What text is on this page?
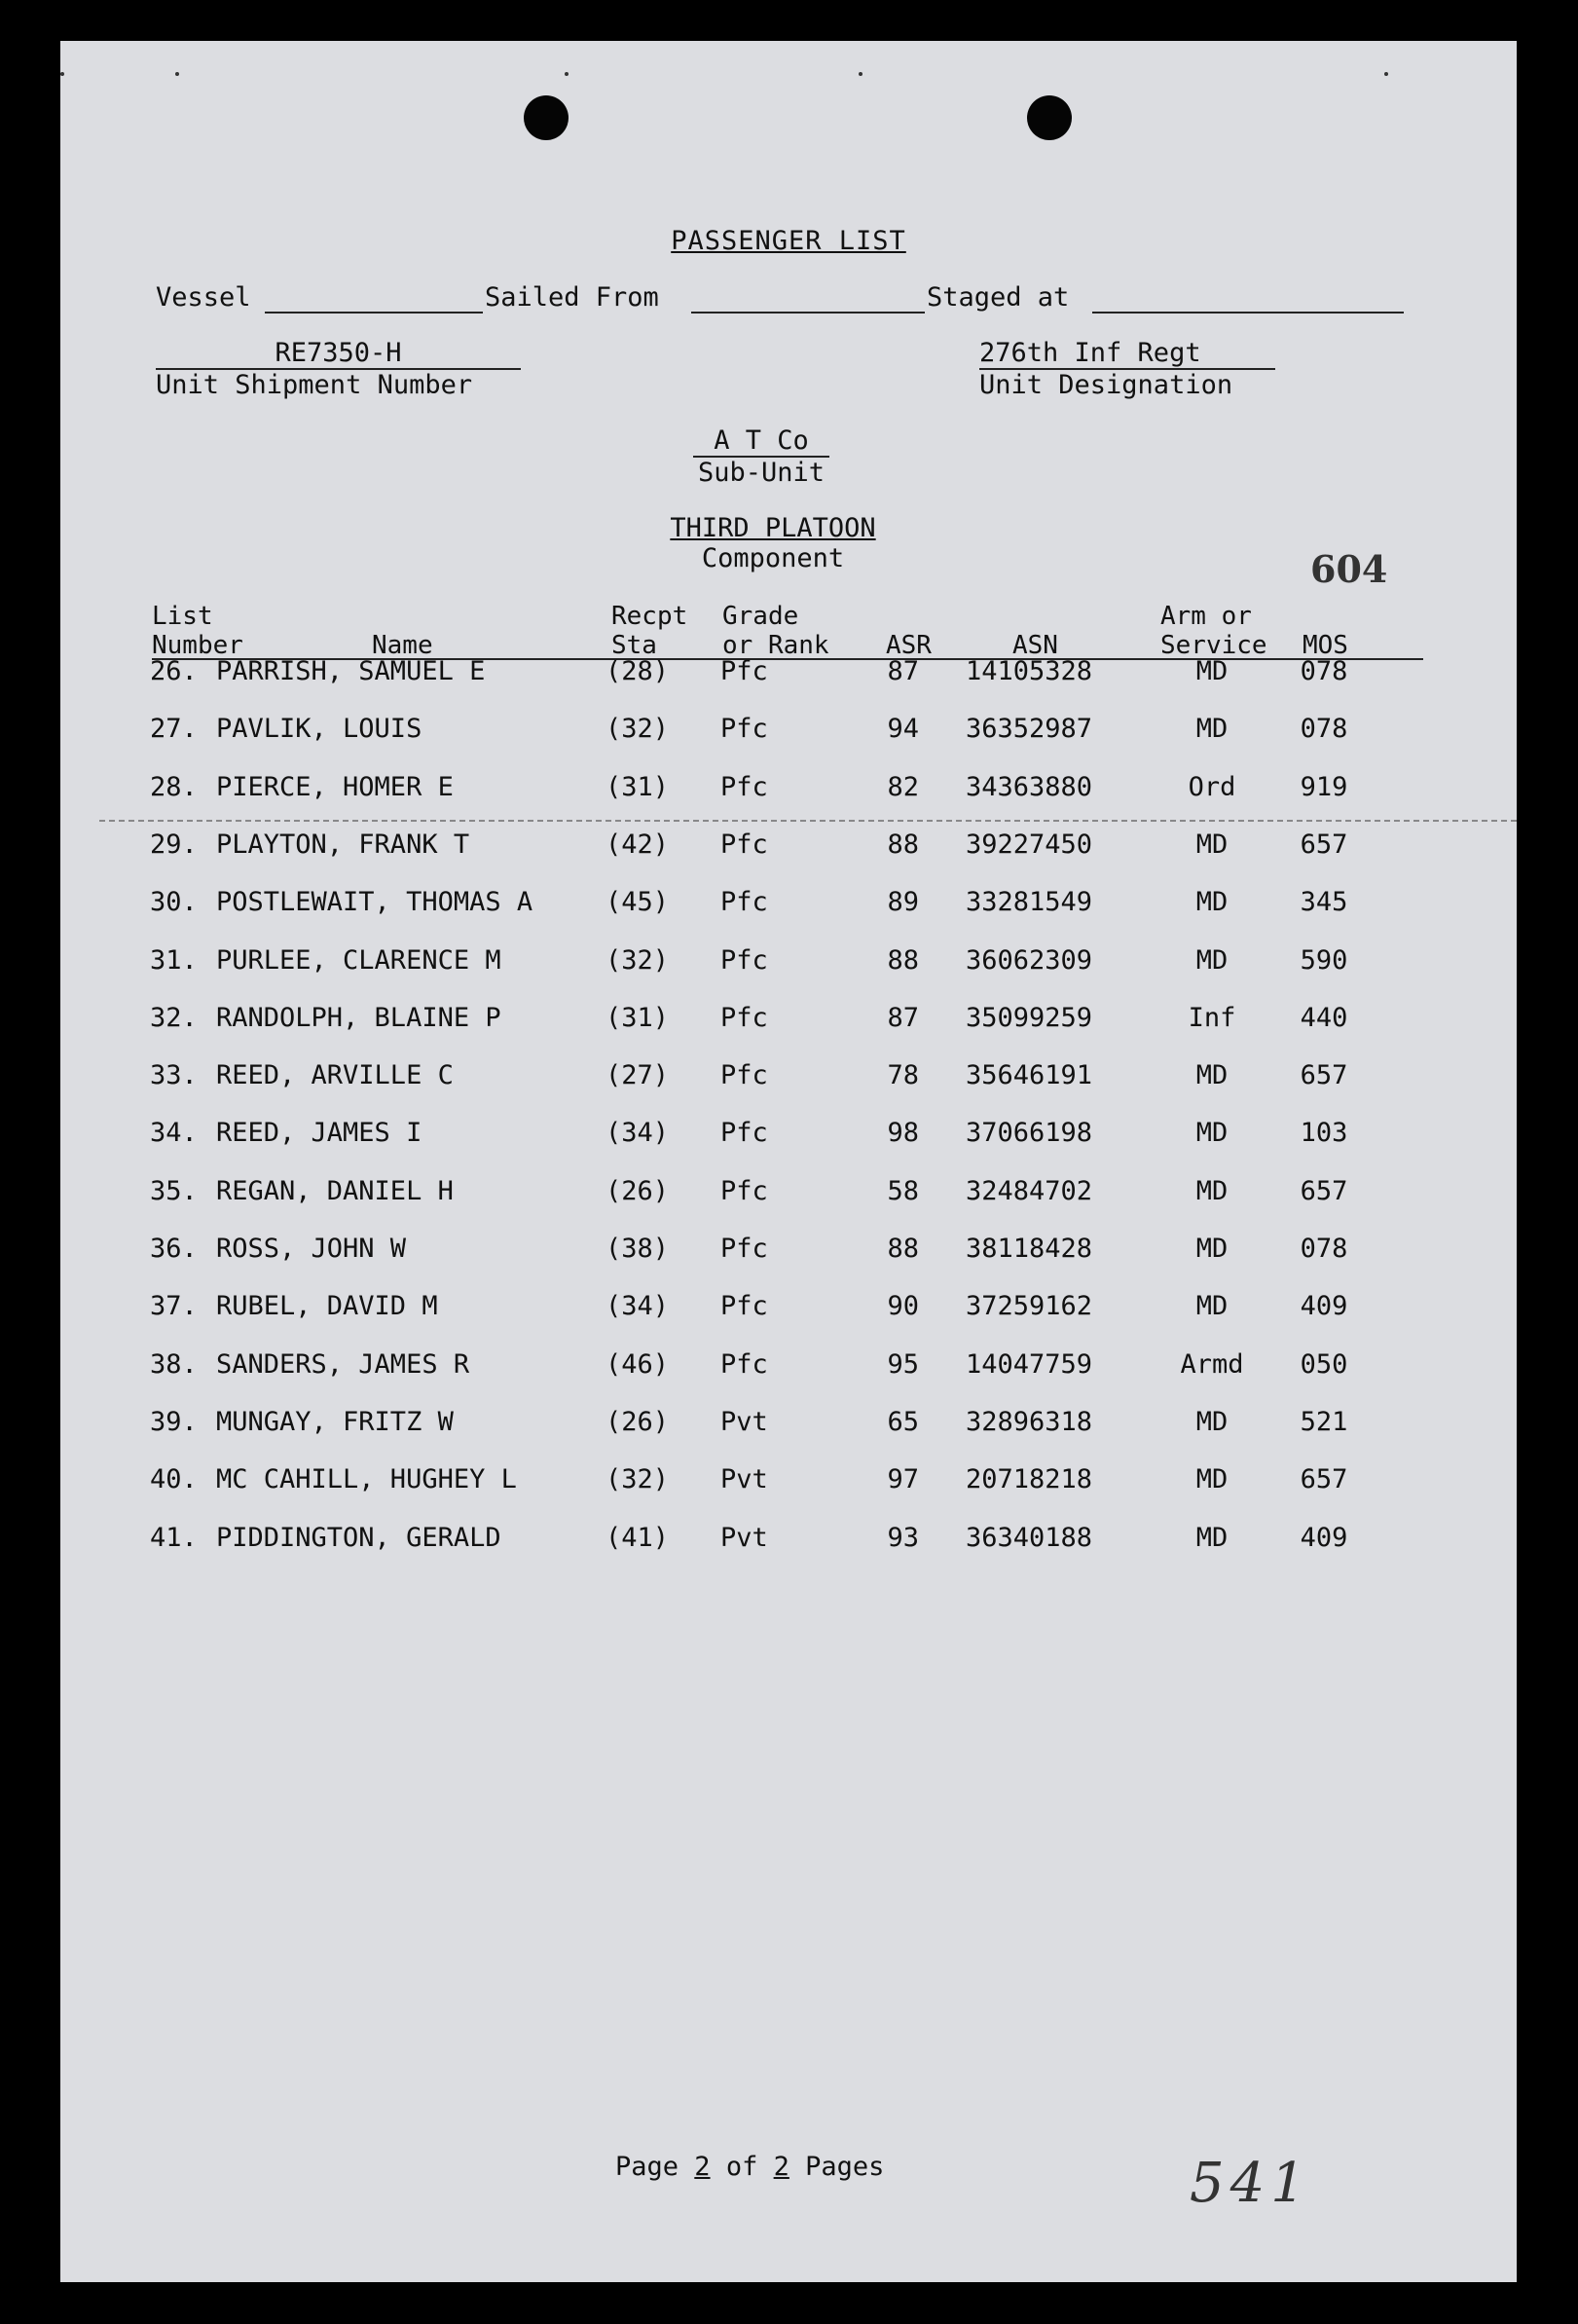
PASSENGER LIST
Vessel	Sailed From	Staged at
RE7350-H
Unit Shipment Number
276th Inf Regt
Unit Designation
A T Co
Sub-Unit
THIRD PLATOON
Component	604
List
Number	Name
Recpt
Sta
Grade
or Rank ASR	ASN
Arm or
Service MOS
26. PARRISH, SAMUEL E	(28) Pfc	87 14105328	MD	078
27. PAVLIK, LOUIS	(32) Pfc	94 36352987	MD	078
28. PIERCE, HOMER E	(31) Pfc	82 34363880	Ord	919
29. PLAYTON, FRANK T	(42) Pfc	88 39227450	MD	657
30. POSTLEWAIT, THOMAS A	(45) Pfc	89 33281549	MD	345
31. PURLEE, CLARENCE M	(32) Pfc	88 36062309	MD	590
32. RANDOLPH, BLAINE P	(31) Pfc	87 35099259	Inf	440
33. REED, ARVILLE C	(27) Pfc	78 35646191	MD	657
34. REED, JAMES I	(34) Pfc	98 37066198	MD	103
35. REGAN, DANIEL H	(26) Pfc	58 32484702	MD	657
36. ROSS, JOHN W	(38) Pfc	88 38118428	MD	078
37. RUBEL, DAVID M	(34) Pfc	90 37259162	MD	409
38. SANDERS, JAMES R	(46) Pfc	95 14047759	Armd	050
39. MUNGAY, FRITZ W	(26) Pvt	65 32896318	MD	521
40. MC CAHILL, HUGHEY L	(32) Pvt	97 20718218	MD	657
41. PIDDINGTON, GERALD	(41) Pvt	93 36340188	MD	409
Page 2 of 2 Pages	541
